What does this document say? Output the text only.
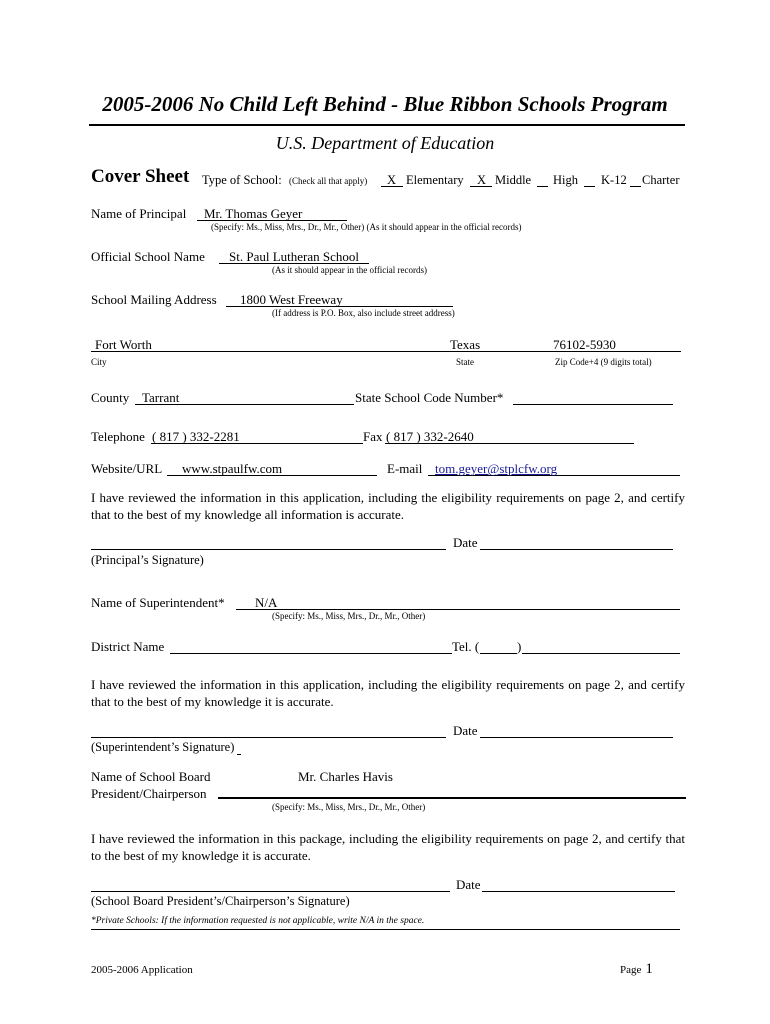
2005-2006 No Child Left Behind - Blue Ribbon Schools Program
U.S. Department of Education
Cover Sheet Type of School: (Check all that apply) X Elementary X Middle High K-12 Charter
Name of Principal Mr. Thomas Geyer
(Specify: Ms., Miss, Mrs., Dr., Mr., Other) (As it should appear in the official records)
Official School Name St. Paul Lutheran School
(As it should appear in the official records)
School Mailing Address 1800 West Freeway
(If address is P.O. Box, also include street address)
Fort Worth	Texas	76102-5930
City	State	Zip Code+4 (9 digits total)
County Tarrant	State School Code Number*
Telephone ( 817 ) 332-2281	Fax ( 817 ) 332-2640
Website/URL www.stpaulfw.com	E-mail tom.geyer@stplcfw.org
I have reviewed the information in this application, including the eligibility requirements on page 2, and certify that to the best of my knowledge all information is accurate.
Date
(Principal’s Signature)
Name of Superintendent* N/A
(Specify: Ms., Miss, Mrs., Dr., Mr., Other)
District Name	Tel. (	)
I have reviewed the information in this application, including the eligibility requirements on page 2, and certify that to the best of my knowledge it is accurate.
Date
(Superintendent’s Signature)
Name of School Board
President/Chairperson
Mr. Charles Havis
(Specify: Ms., Miss, Mrs., Dr., Mr., Other)
I have reviewed the information in this package, including the eligibility requirements on page 2, and certify that to the best of my knowledge it is accurate.
Date
(School Board President’s/Chairperson’s Signature)
*Private Schools: If the information requested is not applicable, write N/A in the space.
2005-2006 Application	Page 1
